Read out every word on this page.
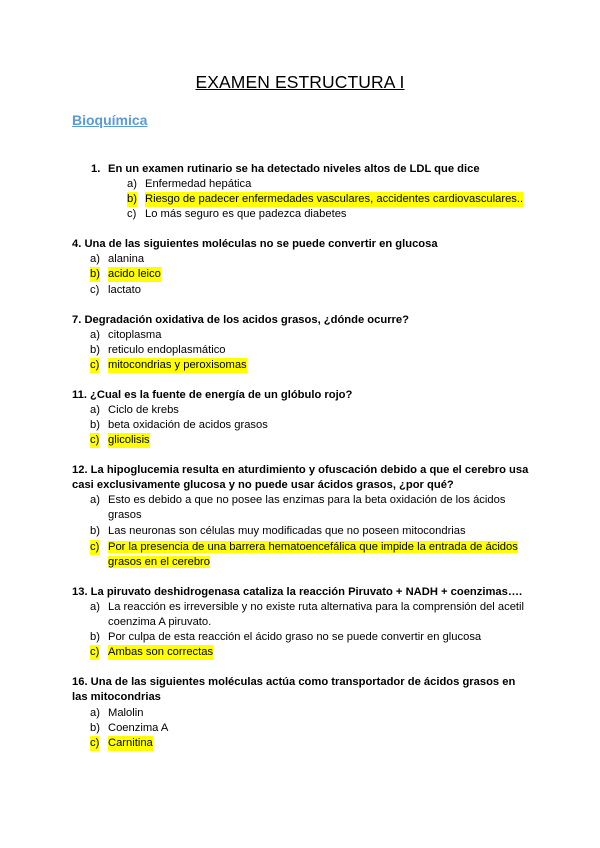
EXAMEN ESTRUCTURA I
Bioquímica
1. En un examen rutinario se ha detectado niveles altos de LDL que dice
a) Enfermedad hepática
b) Riesgo de padecer enfermedades vasculares, accidentes cardiovasculares..
c) Lo más seguro es que padezca diabetes
4. Una de las siguientes moléculas no se puede convertir en glucosa
a) alanina
b) acido leico
c) lactato
7. Degradación oxidativa de los acidos grasos, ¿dónde ocurre?
a) citoplasma
b) reticulo endoplasmático
c) mitocondrias y peroxisomas
11. ¿Cual es la fuente de energía de un glóbulo rojo?
a) Ciclo de krebs
b) beta oxidación de acidos grasos
c) glicolisis
12. La hipoglucemia resulta en aturdimiento y ofuscación debido a que el cerebro usa casi exclusivamente glucosa y no puede usar ácidos grasos, ¿por qué?
a) Esto es debido a que no posee las enzimas para la beta oxidación de los ácidos grasos
b) Las neuronas son células muy modificadas que no poseen mitocondrias
c) Por la presencia de una barrera hematoencefálica que impide la entrada de ácidos grasos en el cerebro
13. La piruvato deshidrogenasa cataliza la reacción Piruvato + NADH + coenzimas….
a) La reacción es irreversible y no existe ruta alternativa para la comprensión del acetil coenzima A piruvato.
b) Por culpa de esta reacción el ácido graso no se puede convertir en glucosa
c) Ambas son correctas
16. Una de las siguientes moléculas actúa como transportador de ácidos grasos en las mitocondrias
a) Malolin
b) Coenzima A
c) Carnitina
